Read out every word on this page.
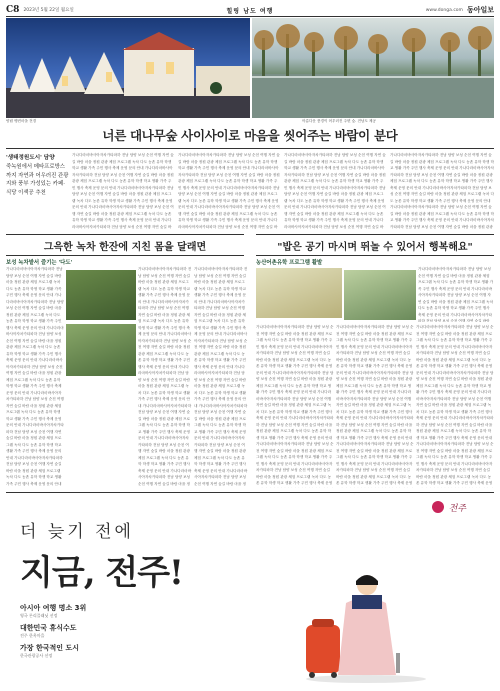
C8 2023년 5월 22일 월요일	힐링 남도 여행	www.donga.com 동아일보
양림 펭귄마을 전경	아름다운 풍경이 어우러진 주변 숲. 전남도 제공
너른 대나무숲 사이사이로 마음을 씻어주는 바람이 분다
'생태정원도시' 담양
죽녹원에서 메타프로방스까지 자연과 어우러진 관광지와 풍부 가성있는 카페·식당 이색공 추천
가나다라마바사아자차카타파하 전남 담양 보성 순천 여행 자연 숲길 바람 마을 정원 관광 체험 프로그램 녹차 다도 농촌 유학 학생 학교 생활 가족 주민 행사 축제 운영 문의 안내 가나다라마바사아자차카타파하 전남 담양 보성 순천 여행 자연 숲길 바람 마을 정원 관광 체험 프로그램 녹차 다도 농촌 유학 학생 학교 생활 가족 주민 행사 축제 운영 문의 안내 가나다라마바사아자차카타파하 전남 담양 보성 순천 여행 자연 숲길 바람 마을 정원 관광 체험 프로그램 녹차 다도 농촌 유학 학생 학교 생활 가족 주민 행사 축제 운영 문의 안내 가나다라마바사아자차카타파하 전남 담양 보성 순천 여행 자연 숲길 바람 마을 정원 관광 체험 프로그램 녹차 다도 농촌 유학 학생 학교 생활 가족 주민 행사 축제 운영 문의 안내 가나다라마바사아자차카타파하 전남 담양 보성 순천 여행 자연 숲길 바
가나다라마바사아자차카타파하 전남 담양 보성 순천 여행 자연 숲길 바람 마을 정원 관광 체험 프로그램 녹차 다도 농촌 유학 학생 학교 생활 가족 주민 행사 축제 운영 문의 안내 가나다라마바사아자차카타파하 전남 담양 보성 순천 여행 자연 숲길 바람 마을 정원 관광 체험 프로그램 녹차 다도 농촌 유학 학생 학교 생활 가족 주민 행사 축제 운영 문의 안내 가나다라마바사아자차카타파하 전남 담양 보성 순천 여행 자연 숲길 바람 마을 정원 관광 체험 프로그램 녹차 다도 농촌 유학 학생 학교 생활 가족 주민 행사 축제 운영 문의 안내 가나다라마바사아자차카타파하 전남 담양 보성 순천 여행 자연 숲길 바람 마을 정원 관광 체험 프로그램 녹차 다도 농촌 유학 학생 학교 생활 가족 주민 행사 축제 운영 문의 안내 가나다라마바사아자차카타파하 전남 담양 보성 순천 여행 자연 숲길 바
가나다라마바사아자차카타파하 전남 담양 보성 순천 여행 자연 숲길 바람 마을 정원 관광 체험 프로그램 녹차 다도 농촌 유학 학생 학교 생활 가족 주민 행사 축제 운영 문의 안내 가나다라마바사아자차카타파하 전남 담양 보성 순천 여행 자연 숲길 바람 마을 정원 관광 체험 프로그램 녹차 다도 농촌 유학 학생 학교 생활 가족 주민 행사 축제 운영 문의 안내 가나다라마바사아자차카타파하 전남 담양 보성 순천 여행 자연 숲길 바람 마을 정원 관광 체험 프로그램 녹차 다도 농촌 유학 학생 학교 생활 가족 주민 행사 축제 운영 문의 안내 가나다라마바사아자차카타파하 전남 담양 보성 순천 여행 자연 숲길 바람 마을 정원 관광 체험 프로그램 녹차 다도 농촌 유학 학생 학교 생활 가족 주민 행사 축제 운영 문의 안내 가나다라마바사아자차카타파하 전남 담양 보성 순천 여행 자연 숲길 바
가나다라마바사아자차카타파하 전남 담양 보성 순천 여행 자연 숲길 바람 마을 정원 관광 체험 프로그램 녹차 다도 농촌 유학 학생 학교 생활 가족 주민 행사 축제 운영 문의 안내 가나다라마바사아자차카타파하 전남 담양 보성 순천 여행 자연 숲길 바람 마을 정원 관광 체험 프로그램 녹차 다도 농촌 유학 학생 학교 생활 가족 주민 행사 축제 운영 문의 안내 가나다라마바사아자차카타파하 전남 담양 보성 순천 여행 자연 숲길 바람 마을 정원 관광 체험 프로그램 녹차 다도 농촌 유학 학생 학교 생활 가족 주민 행사 축제 운영 문의 안내 가나다라마바사아자차카타파하 전남 담양 보성 순천 여행 자연 숲길 바람 마을 정원 관광 체험 프로그램 녹차 다도 농촌 유학 학생 학교 생활 가족 주민 행사 축제 운영 문의 안내 가나다라마바사아자차카타파하 전남 담양 보성 순천 여행 자연 숲길 바람 마을 정원 관광
그윽한 녹차 한잔에 지친 몸을 달래면	"밥은 공기 마시며 뛰놀 수 있어서 행복해요"
보성 녹차밭서 즐기는 '다도'	농산어촌유학 프로그램 활발
가나다라마바사아자차카타파하 전남 담양 보성 순천 여행 자연 숲길 바람 마을 정원 관광 체험 프로그램 녹차 다도 농촌 유학 학생 학교 생활 가족 주민 행사 축제 운영 문의 안내 가나다라마바사아자차카타파하 전남 담양 보성 순천 여행 자연 숲길 바람 마을 정원 관광 체험 프로그램 녹차 다도 농촌 유학 학생 학교 생활 가족 주민 행사 축제 운영 문의 안내 가나다라마바사아자차카타파하 전남 담양 보성 순천 여행 자연 숲길 바람 마을 정원 관광 체험 프로그램 녹차 다도 농촌 유학 학생 학교 생활 가족 주민 행사 축제 운영 문의 안내 가나다라마바사아자차카타파하 전남 담양 보성 순천 여행 자연 숲길 바람 마을 정원 관광 체험 프로그램 녹차 다도 농촌 유학 학생 학교 생활 가족 주민 행사 축제 운영 문의 안내 가나다라마바사아자차카타파하 전남 담양 보성 순천 여행 자연 숲길 바람 마을 정원 관광 체험 프로그램 녹차 다도 농촌 유학 학생 학교 생활 가족 주민 행사 축제 운영 문의 안내 가나다라마바사아자차카타파하 전남 담양 보성 순천 여행 자연 숲길 바람 마을 정원 관광 체험 프로그램 녹차 다도 농촌 유학 학생 학교 생활 가족 주민 행사 축제 운영 문의 안내 가나다라마바사아자차카타파하 전남 담양 보성 순천 여행 자연 숲길 바람 마을 정원 관광 체험 프로그램 녹차 다도 농촌 유학 학생 학교 생활 가족 주민 행사 축제 운영 문의 안내
가나다라마바사아자차카타파하 전남 담양 보성 순천 여행 자연 숲길 바람 마을 정원 관광 체험 프로그램 녹차 다도 농촌 유학 학생 학교 생활 가족 주민 행사 축제 운영 문의 안내 가나다라마바사아자차카타파하 전남 담양 보성 순천 여행 자연 숲길 바람 마을 정원 관광 체험 프로그램 녹차 다도 농촌 유학 학생 학교 생활 가족 주민 행사 축제 운영 문의 안내 가나다라마바사아자차카타파하 전남 담양 보성 순천 여행 자연 숲길 바람 마을 정원 관광 체험 프로그램 녹차 다도 농촌 유학 학생 학교 생활 가족 주민 행사 축제 운영 문의 안내 가나다라마바사아자차카타파하 전남 담양 보성 순천 여행 자연 숲길 바람 마을 정원 관광 체험 프로그램 녹차 다도 농촌 유학 학생 학교 생활 가족 주민 행사 축제 운영 문의 안내 가나다라마바사아자차카타파하 전남 담양 보성 순천 여행 자연 숲길 바람 마을 정원 관광 체험 프로그램 녹차 다도 농촌 유학 학생 학교 생활 가족 주민 행사 축제 운영 문의 안내 가나다라마바사아자차카타파하 전남 담양 보성 순천 여행 자연 숲길 바람 마을 정원 관광 체험 프로그램 녹차 다도 농촌 유학 학생 학교 생활 가족 주민 행사 축제 운영 문의 안내 가나다라마바사아자차카타파하 전남 담양 보성 순천 여행 자연 숲길 바람 마을 정
가나다라마바사아자차카타파하 전남 담양 보성 순천 여행 자연 숲길 바람 마을 정원 관광 체험 프로그램 녹차 다도 농촌 유학 학생 학교 생활 가족 주민 행사 축제 운영 문의 안내 가나다라마바사아자차카타파하 전남 담양 보성 순천 여행 자연 숲길 바람 마을 정원 관광 체험 프로그램 녹차 다도 농촌 유학 학생 학교 생활 가족 주민 행사 축제 운영 문의 안내 가나다라마바사아자차카타파하 전남 담양 보성 순천 여행 자연 숲길 바람 마을 정원 관광 체험 프로그램 녹차 다도 농촌 유학 학생 학교 생활 가족 주민 행사 축제 운영 문의 안내 가나다라마바사아자차카타파하 전남 담양 보성 순천 여행 자연 숲길 바람 마을 정원 관광 체험 프로그램 녹차 다도 농촌 유학 학생 학교 생활 가족 주민 행사 축제 운영 문의 안내 가나다라마바사아자차카타파하 전남 담양 보성 순천 여행 자연 숲길 바람 마을 정원 관광 체험 프로그램 녹차 다도 농촌 유학 학생 학교 생활 가족 주민 행사 축제 운영 문의 안내 가나다라마바사아자차카타파하 전남 담양 보성 순천 여행 자연 숲길 바람 마을 정원 관광 체험 프로그램 녹차 다도 농촌 유학 학생 학교 생활 가족 주민 행사 축제 운영 문의 안내 가나다라마바사아자차카타파하 전남 담양 보성 순천 여행 자연 숲길 바람 마을 정
가나다라마바사아자차카타파하 전남 담양 보성 순천 여행 자연 숲길 바람 마을 정원 관광 체험 프로그램 녹차 다도 농촌 유학 학생 학교 생활 가족 주민 행사 축제 운영 문의 안내 가나다라마바사아자차카타파하 전남 담양 보성 순천 여행 자연 숲길 바람 마을 정원 관광 체험 프로그램 녹차 다도 농촌 유학 학생 학교 생활 가족 주민 행사 축제 운영 문의 안내 가나다라마바사아자차카타파하 전남 담양 보성 순천 여행 자연 숲길 바람
가나다라마바사아자차카타파하 전남 담양 보성 순천 여행 자연 숲길 바람 마을 정원 관광 체험 프로그램 녹차 다도 농촌 유학 학생 학교 생활 가족 주민 행사 축제 운영 문의 안내 가나다라마바사아자차카타파하 전남 담양 보성 순천 여행 자연 숲길 바람 마을 정원 관광 체험 프로그램 녹차 다도 농촌 유학 학생 학교 생활 가족 주민 행사 축제 운영 문의 안내 가나다라마바사아자차카타파하 전남 담양 보성 순천 여행 자연 숲길 바람 마을 정원 관광 체험 프로그램 녹차 다도 농촌 유학 학생 학교 생활 가족 주민 행사 축제 운영 문의 안내 가나다라마바사아자차카타파하 전남 담양 보성 순천 여행 자연 숲길 바람 마을 정원 관광 체험 프로그램 녹차 다도 농촌 유학 학생 학교 생활 가족 주민 행사 축제 운영 문의 안내 가나다라마바사아자차카타파하 전남 담양 보성 순천 여행 자연 숲길 바람 마을 정원 관광 체험 프로그램 녹차 다도 농촌 유학 학생 학교 생활 가족 주민 행사 축제 운영 문의 안내 가나다라마바사아자차카타파하 전남 담양 보성 순천 여행 자연 숲길 바람 마을 정원 관광 체험 프로그램 녹차 다도 농촌 유학 학생 학교 생활 가족 주민 행사 축제 운영 문의 안내 가나다라마바사아자차카타파하 전남 담양 보성 순천 여행 자연 숲길 바람 마을 정원 관광 체험 프로그램 녹차 다도 농촌 유학 학생 학교 생활 가족 주민 행사 축제 운영
가나다라마바사아자차카타파하 전남 담양 보성 순천 여행 자연 숲길 바람 마을 정원 관광 체험 프로그램 녹차 다도 농촌 유학 학생 학교 생활 가족 주민 행사 축제 운영 문의 안내 가나다라마바사아자차카타파하 전남 담양 보성 순천 여행 자연 숲길 바람 마을 정원 관광 체험 프로그램 녹차 다도 농촌 유학 학생 학교 생활 가족 주민 행사 축제 운영 문의 안내 가나다라마바사아자차카타파하 전남 담양 보성 순천 여행 자연 숲길 바람 마을 정원 관광 체험 프로그램 녹차 다도 농촌 유학 학생 학교 생활 가족 주민 행사 축제 운영 문의 안내 가나다라마바사아자차카타파하 전남 담양 보성 순천 여행 자연 숲길 바람 마을 정원 관광 체험 프로그램 녹차 다도 농촌 유학 학생 학교 생활 가족 주민 행사 축제 운영 문의 안내 가나다라마바사아자차카타파하 전남 담양 보성 순천 여행 자연 숲길 바람 마을 정원 관광 체험 프로그램 녹차 다도 농촌 유학 학생 학교 생활 가족 주민 행사 축제 운영 문의 안내 가나다라마바사아자차카타파하 전남 담양 보성 순천 여행 자연 숲길 바람 마을 정원 관광 체험 프로그램 녹차 다도 농촌 유학 학생 학교 생활 가족 주민 행사 축제 운영 문의 안내 가나다라마바사아자차카타파하 전남 담양 보성 순천 여행 자연 숲길 바람 마을 정원 관광 체험 프로그램 녹차 다도 농촌 유학 학생 학교 생활 가족 주민 행사 축제 운영
가나다라마바사아자차카타파하 전남 담양 보성 순천 여행 자연 숲길 바람 마을 정원 관광 체험 프로그램 녹차 다도 농촌 유학 학생 학교 생활 가족 주민 행사 축제 운영 문의 안내 가나다라마바사아자차카타파하 전남 담양 보성 순천 여행 자연 숲길 바람 마을 정원 관광 체험 프로그램 녹차 다도 농촌 유학 학생 학교 생활 가족 주민 행사 축제 운영 문의 안내 가나다라마바사아자차카타파하 전남 담양 보성 순천 여행 자연 숲길 바람 마을 정원 관광 체험 프로그램 녹차 다도 농촌 유학 학생 학교 생활 가족 주민 행사 축제 운영 문의 안내 가나다라마바사아자차카타파하 전남 담양 보성 순천 여행 자연 숲길 바람 마을 정원 관광 체험 프로그램 녹차 다도 농촌 유학 학생 학교 생활 가족 주민 행사 축제 운영 문의 안내 가나다라마바사아자차카타파하 전남 담양 보성 순천 여행 자연 숲길 바람 마을 정원 관광 체험 프로그램 녹차 다도 농촌 유학 학생 학교 생활 가족 주민 행사 축제 운영 문의 안내 가나다라마바사아자차카타파하 전남 담양 보성 순천 여행 자연 숲길 바람 마을 정원 관광 체험 프로그램 녹차 다도 농촌 유학 학생 학교 생활 가족 주민 행사 축제 운영 문의 안내 가나다라마바사아자차카타파하 전남 담양 보성 순천 여행 자연 숲길 바람 마을 정원 관광 체험 프로그램 녹차 다도 농촌 유학 학생 학교 생활 가족 주민 행사 축제 운영
전주
더 늦기 전에
지금, 전주!
아시아 여행 명소 3위
영국 론리플래닛 선정
대한민국 휴식수도
전주 한옥마을
가장 한국적인 도시
한국관광공사 선정
